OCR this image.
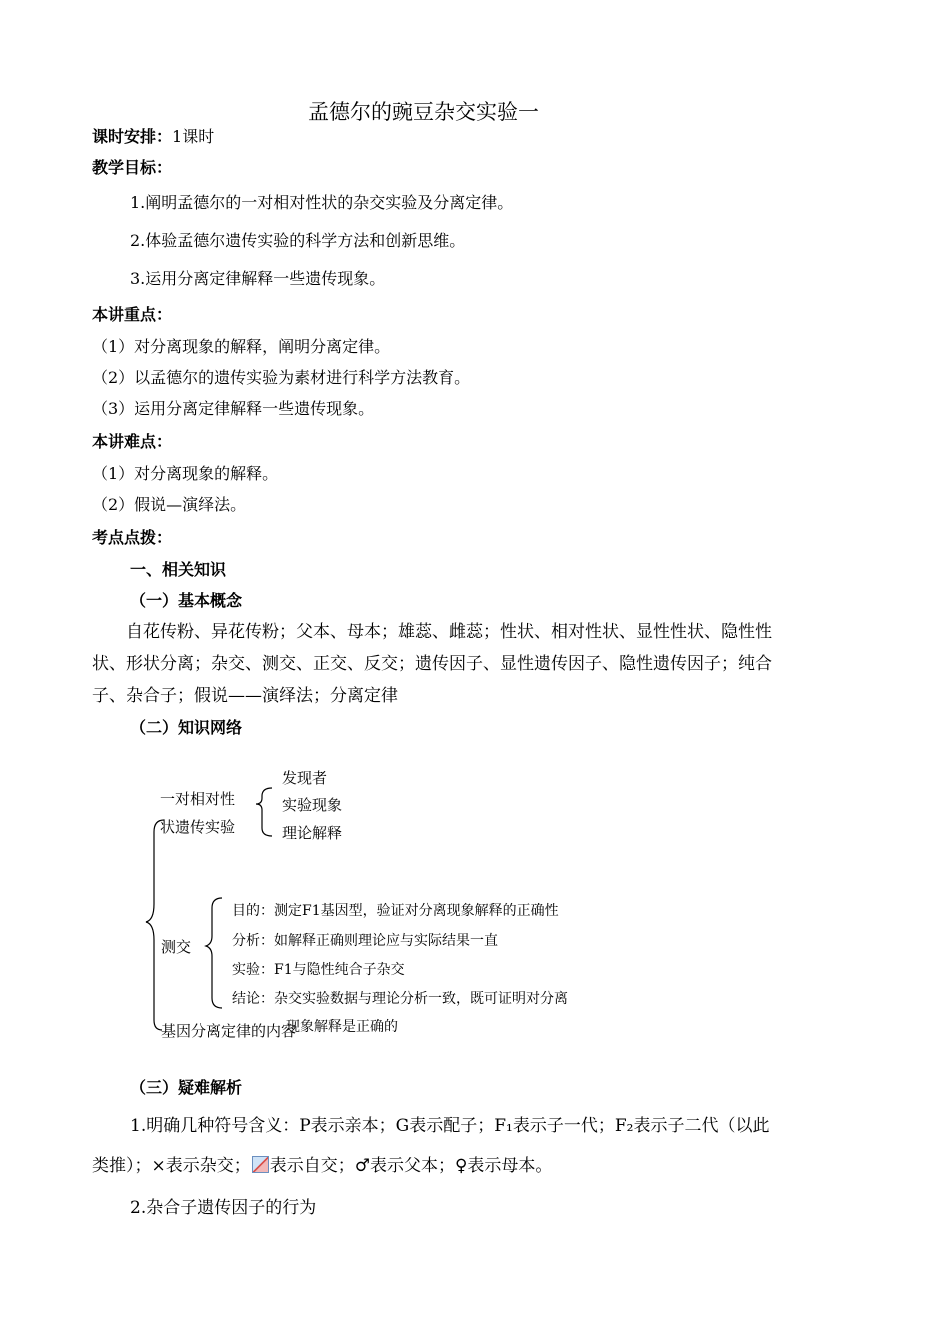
孟德尔的豌豆杂交实验一
课时安排：1课时
教学目标：
1.阐明孟德尔的一对相对性状的杂交实验及分离定律。
2.体验孟德尔遗传实验的科学方法和创新思维。
3.运用分离定律解释一些遗传现象。
本讲重点：
（1）对分离现象的解释，阐明分离定律。
（2）以孟德尔的遗传实验为素材进行科学方法教育。
（3）运用分离定律解释一些遗传现象。
本讲难点：
（1）对分离现象的解释。
（2）假说—演绎法。
考点点拨：
一、相关知识
（一）基本概念
自花传粉、异花传粉；父本、母本；雄蕊、雌蕊；性状、相对性状、显性性状、隐性性
状、形状分离；杂交、测交、正交、反交；遗传因子、显性遗传因子、隐性遗传因子；纯合
子、杂合子；假说——演绎法；分离定律
（二）知识网络
一对相对性
状遗传实验
发现者
实验现象
理论解释
测交
目的：测定F1基因型，验证对分离现象解释的正确性
分析：如解释正确则理论应与实际结果一直
实验：F1与隐性纯合子杂交
结论：杂交实验数据与理论分析一致，既可证明对分离
现象解释是正确的
基因分离定律的内容
（三）疑难解析
1.明确几种符号含义：P表示亲本；G表示配子；F₁表示子一代；F₂表示子二代（以此
类推）；×表示杂交； 表示自交；♂表示父本；♀表示母本。
2.杂合子遗传因子的行为
